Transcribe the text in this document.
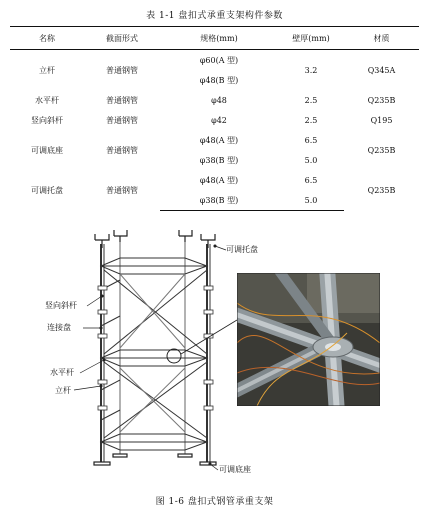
表 1-1 盘扣式承重支架构件参数
名称	截面形式	规格(mm)	壁厚(mm)	材质
立杆	普通钢管	φ60(A 型)	3.2	Q345A
		φ48(B 型)		
水平杆	普通钢管	φ48	2.5	Q235B
竖向斜杆	普通钢管	φ42	2.5	Q195
可调底座	普通钢管	φ48(A 型)	6.5	Q235B
		φ38(B 型)	5.0	
可调托盘	普通钢管	φ48(A 型)	6.5	Q235B
		φ38(B 型)	5.0	
可调托盘
竖向斜杆
连接盘
水平杆
立杆
可调底座
图 1-6 盘扣式钢管承重支架
